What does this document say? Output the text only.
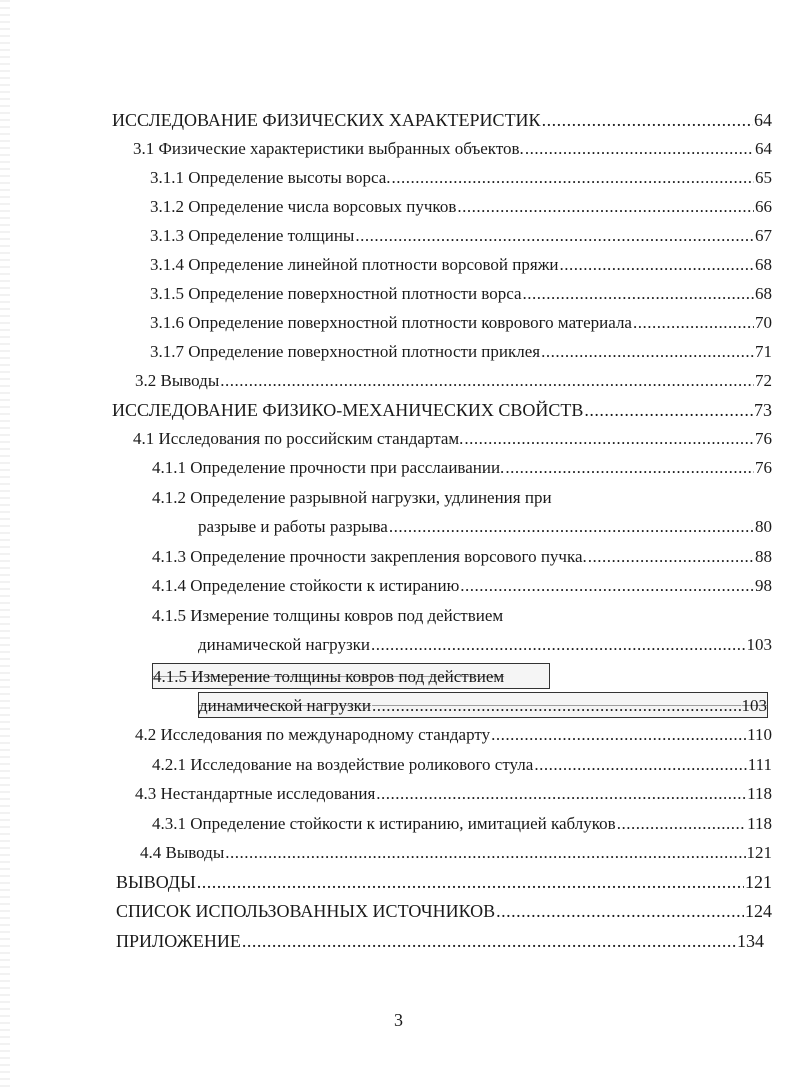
ИССЛЕДОВАНИЕ ФИЗИЧЕСКИХ ХАРАКТЕРИСТИК .....	64
3.1 Физические характеристики выбранных объектов. .....	64
3.1.1 Определение высоты ворса. .....	65
3.1.2 Определение числа ворсовых пучков .....	66
3.1.3 Определение толщины .....	67
3.1.4 Определение линейной плотности ворсовой пряжи .....	68
3.1.5 Определение поверхностной плотности ворса .....	68
3.1.6 Определение поверхностной плотности коврового материала .....	70
3.1.7 Определение поверхностной плотности приклея .....	71
3.2 Выводы .....	72
ИССЛЕДОВАНИЕ ФИЗИКО-МЕХАНИЧЕСКИХ СВОЙСТВ .....	73
4.1 Исследования по российским стандартам. .....	76
4.1.1 Определение прочности при расслаивании. .....	76
4.1.2 Определение разрывной нагрузки, удлинения при
разрыве и работы разрыва .....	80
4.1.3 Определение прочности закрепления ворсового пучка. .....	88
4.1.4 Определение стойкости к истиранию .....	98
4.1.5 Измерение толщины ковров под действием
динамической нагрузки .....	103
4.1.5 Измерение толщины ковров под действием
динамической нагрузки .....	103
4.2 Исследования по международному стандарту .....	110
4.2.1 Исследование на воздействие роликового стула .....	111
4.3 Нестандартные исследования .....	118
4.3.1 Определение стойкости к истиранию, имитацией каблуков .....	118
4.4 Выводы .....	121
ВЫВОДЫ .....	121
СПИСОК ИСПОЛЬЗОВАННЫХ ИСТОЧНИКОВ .....	124
ПРИЛОЖЕНИЕ .....	134
3
